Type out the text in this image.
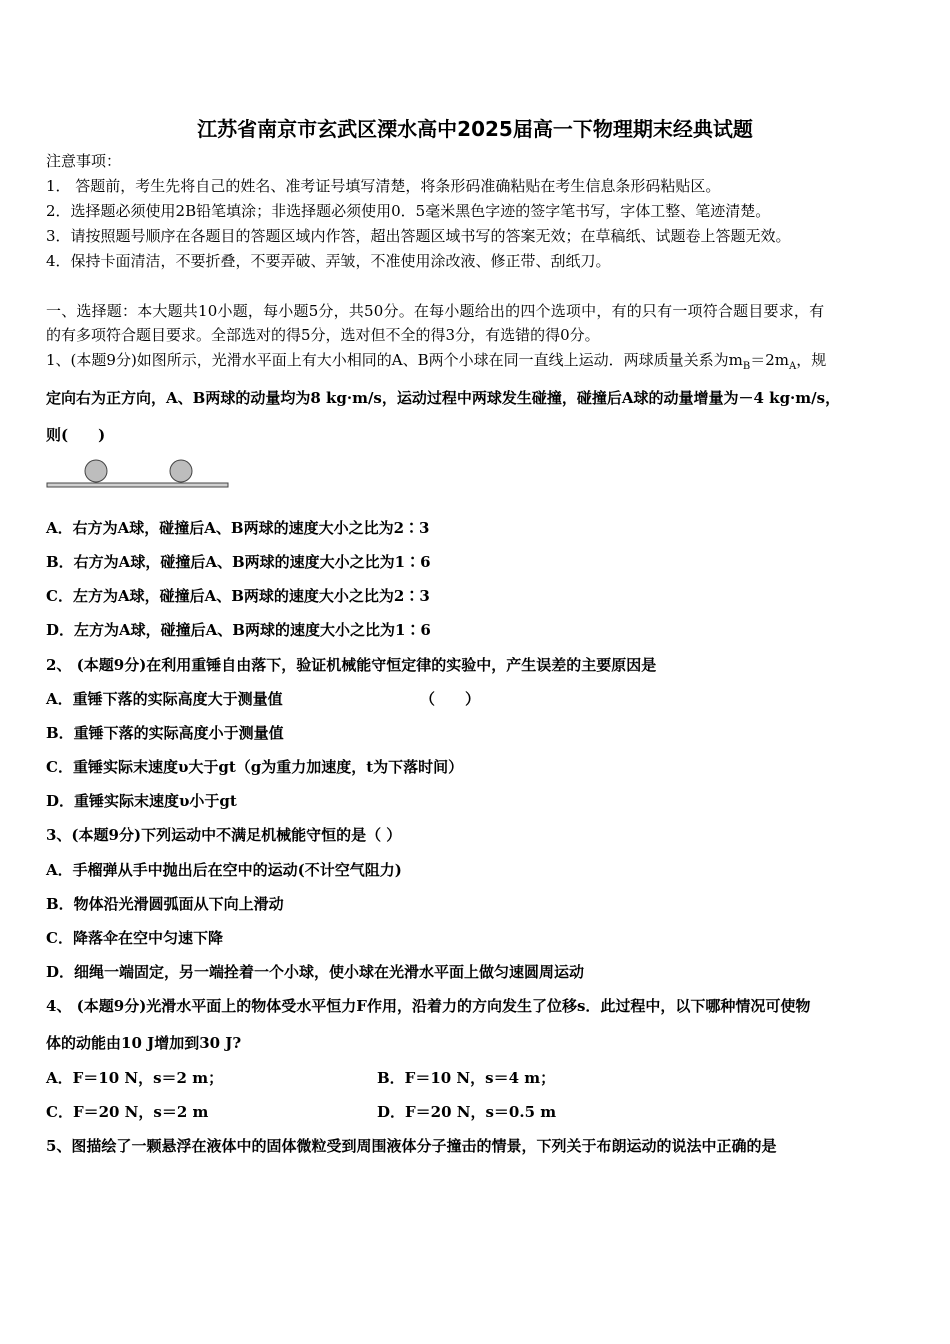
江苏省南京市玄武区溧水高中2025届高一下物理期末经典试题
注意事项：
1． 答题前，考生先将自己的姓名、准考证号填写清楚，将条形码准确粘贴在考生信息条形码粘贴区。
2．选择题必须使用2B铅笔填涂；非选择题必须使用0．5毫米黑色字迹的签字笔书写，字体工整、笔迹清楚。
3．请按照题号顺序在各题目的答题区域内作答，超出答题区域书写的答案无效；在草稿纸、试题卷上答题无效。
4．保持卡面清洁，不要折叠，不要弄破、弄皱，不准使用涂改液、修正带、刮纸刀。
一、选择题：本大题共10小题，每小题5分，共50分。在每小题给出的四个选项中，有的只有一项符合题目要求，有
的有多项符合题目要求。全部选对的得5分，选对但不全的得3分，有选错的得0分。
1、(本题9分)如图所示，光滑水平面上有大小相同的A、B两个小球在同一直线上运动．两球质量关系为$m_B=2m_A$，规
定向右为正方向，A、B两球的动量均为8 kg·m/s，运动过程中两球发生碰撞，碰撞后A球的动量增量为－4 kg·m/s，
则(　　)
A．右方为A球，碰撞后A、B两球的速度大小之比为2∶3
B．右方为A球，碰撞后A、B两球的速度大小之比为1∶6
C．左方为A球，碰撞后A、B两球的速度大小之比为2∶3
D．左方为A球，碰撞后A、B两球的速度大小之比为1∶6
2、 (本题9分)在利用重锤自由落下，验证机械能守恒定律的实验中，产生误差的主要原因是
A．重锤下落的实际高度大于测量值	（　　）
B．重锤下落的实际高度小于测量值
C．重锤实际末速度υ大于gt（g为重力加速度，t为下落时间）
D．重锤实际末速度υ小于gt
3、(本题9分)下列运动中不满足机械能守恒的是（ ）
A．手榴弹从手中抛出后在空中的运动(不计空气阻力)
B．物体沿光滑圆弧面从下向上滑动
C．降落伞在空中匀速下降
D．细绳一端固定，另一端拴着一个小球，使小球在光滑水平面上做匀速圆周运动
4、 (本题9分)光滑水平面上的物体受水平恒力F作用，沿着力的方向发生了位移s．此过程中，以下哪种情况可使物
体的动能由10 J增加到30 J?
A．F＝10 N，s＝2 m；	B．F＝10 N，s＝4 m；
C．F＝20 N，s＝2 m	D．F＝20 N，s＝0.5 m
5、图描绘了一颗悬浮在液体中的固体微粒受到周围液体分子撞击的情景，下列关于布朗运动的说法中正确的是
